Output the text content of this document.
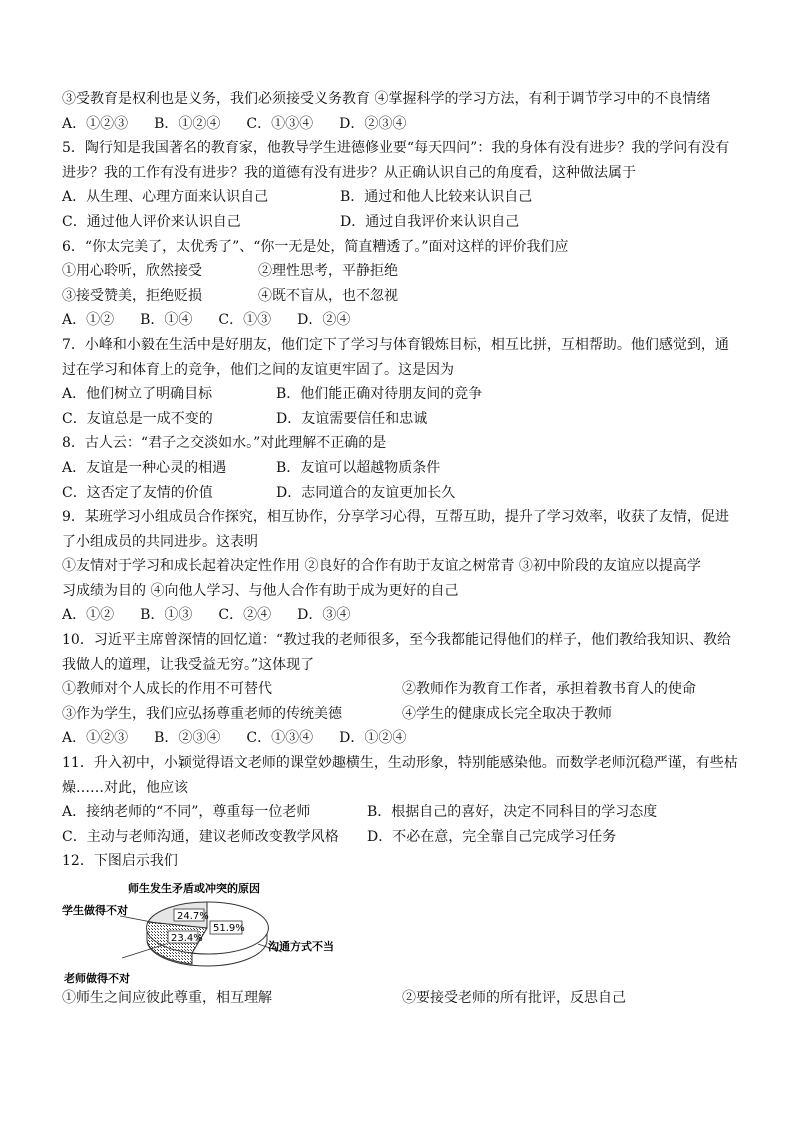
③受教育是权利也是义务，我们必须接受义务教育 ④掌握科学的学习方法，有利于调节学习中的不良情绪
A．①②③ B．①②④ C．①③④ D．②③④
5．陶行知是我国著名的教育家，他教导学生进德修业要“每天四问”：我的身体有没有进步？我的学问有没有
进步？我的工作有没有进步？我的道德有没有进步？从正确认识自己的角度看，这种做法属于
A．从生理、心理方面来认识自己	B．通过和他人比较来认识自己
C．通过他人评价来认识自己	D．通过自我评价来认识自己
6．“你太完美了，太优秀了”、“你一无是处，简直糟透了。”面对这样的评价我们应
①用心聆听，欣然接受	②理性思考，平静拒绝
③接受赞美，拒绝贬损	④既不盲从，也不忽视
A．①② B．①④ C．①③ D．②④
7．小峰和小毅在生活中是好朋友，他们定下了学习与体育锻炼目标，相互比拼，互相帮助。他们感觉到，通
过在学习和体育上的竞争，他们之间的友谊更牢固了。这是因为
A．他们树立了明确目标	B．他们能正确对待朋友间的竞争
C．友谊总是一成不变的	D．友谊需要信任和忠诚
8．古人云：“君子之交淡如水。”对此理解不正确的是
A．友谊是一种心灵的相遇	B．友谊可以超越物质条件
C．这否定了友情的价值	D．志同道合的友谊更加长久
9．某班学习小组成员合作探究，相互协作，分享学习心得，互帮互助，提升了学习效率，收获了友情，促进
了小组成员的共同进步。这表明
①友情对于学习和成长起着决定性作用 ②良好的合作有助于友谊之树常青 ③初中阶段的友谊应以提高学
习成绩为目的 ④向他人学习、与他人合作有助于成为更好的自己
A．①② B．①③ C．②④ D．③④
10．习近平主席曾深情的回忆道：“教过我的老师很多，至今我都能记得他们的样子，他们教给我知识、教给
我做人的道理，让我受益无穷。”这体现了
①教师对个人成长的作用不可替代	②教师作为教育工作者，承担着教书育人的使命
③作为学生，我们应弘扬尊重老师的传统美德	④学生的健康成长完全取决于教师
A．①②③ B．②③④ C．①③④ D．①②④
11．升入初中，小颖觉得语文老师的课堂妙趣横生，生动形象，特别能感染他。而数学老师沉稳严谨，有些枯
燥……对此，他应该
A．接纳老师的“不同”，尊重每一位老师	B．根据自己的喜好，决定不同科目的学习态度
C．主动与老师沟通，建议老师改变教学风格 D．不必在意，完全靠自己完成学习任务
12．下图启示我们
师生发生矛盾或冲突的原因
24.7%
23.4%
51.9%
学生做得不对
老师做得不对
沟通方式不当
①师生之间应彼此尊重，相互理解	②要接受老师的所有批评，反思自己
